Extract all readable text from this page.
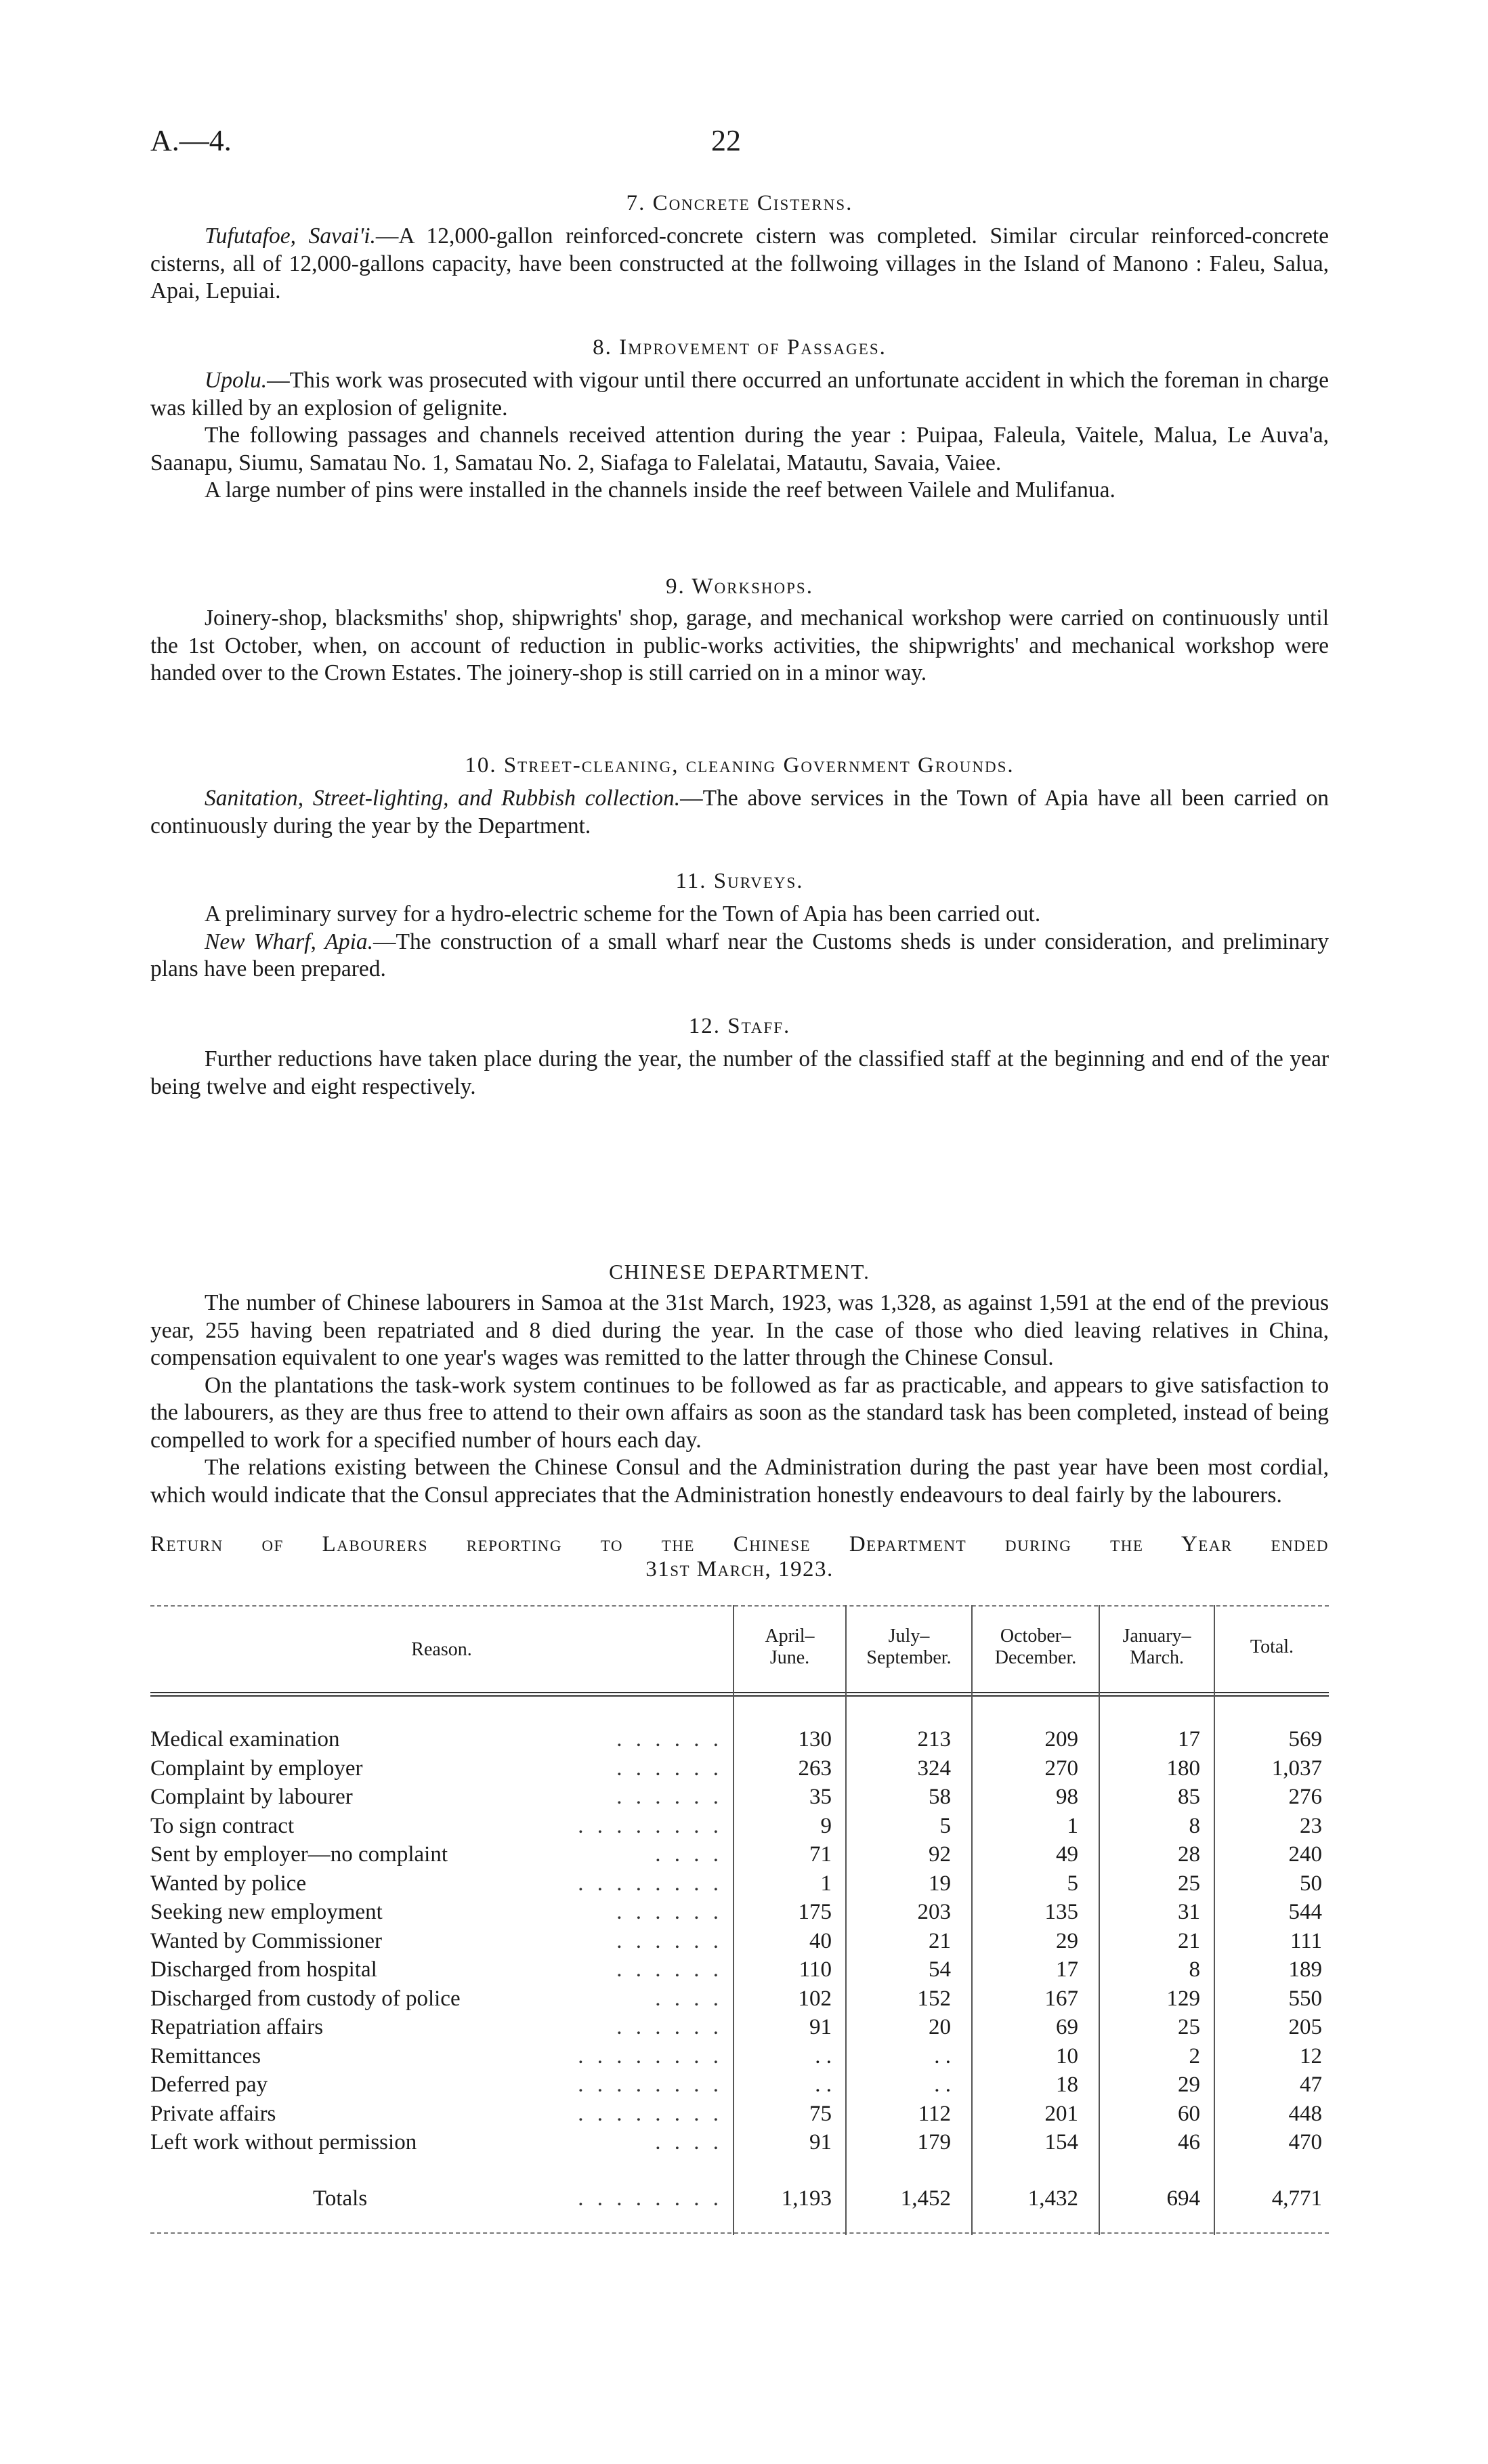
A.—4.	22

7. Concrete Cisterns.

Tufutafoe, Savai'i.—A 12,000-gallon reinforced-concrete cistern was completed. Similar circular reinforced-concrete cisterns, all of 12,000-gallons capacity, have been constructed at the follwoing villages in the Island of Manono : Faleu, Salua, Apai, Lepuiai.

8. Improvement of Passages.

Upolu.—This work was prosecuted with vigour until there occurred an unfortunate accident in which the foreman in charge was killed by an explosion of gelignite.

The following passages and channels received attention during the year : Puipaa, Faleula, Vaitele, Malua, Le Auva'a, Saanapu, Siumu, Samatau No. 1, Samatau No. 2, Siafaga to Falelatai, Matautu, Savaia, Vaiee.

A large number of pins were installed in the channels inside the reef between Vailele and Mulifanua.

9. Workshops.

Joinery-shop, blacksmiths' shop, shipwrights' shop, garage, and mechanical workshop were carried on continuously until the 1st October, when, on account of reduction in public-works activities, the shipwrights' and mechanical workshop were handed over to the Crown Estates. The joinery-shop is still carried on in a minor way.

10. Street-cleaning, cleaning Government Grounds.

Sanitation, Street-lighting, and Rubbish collection.—The above services in the Town of Apia have all been carried on continuously during the year by the Department.

11. Surveys.

A preliminary survey for a hydro-electric scheme for the Town of Apia has been carried out.

New Wharf, Apia.—The construction of a small wharf near the Customs sheds is under consideration, and preliminary plans have been prepared.

12. Staff.

Further reductions have taken place during the year, the number of the classified staff at the beginning and end of the year being twelve and eight respectively.

CHINESE DEPARTMENT.

The number of Chinese labourers in Samoa at the 31st March, 1923, was 1,328, as against 1,591 at the end of the previous year, 255 having been repatriated and 8 died during the year. In the case of those who died leaving relatives in China, compensation equivalent to one year's wages was remitted to the latter through the Chinese Consul.

On the plantations the task-work system continues to be followed as far as practicable, and appears to give satisfaction to the labourers, as they are thus free to attend to their own affairs as soon as the standard task has been completed, instead of being compelled to work for a specified number of hours each day.

The relations existing between the Chinese Consul and the Administration during the past year have been most cordial, which would indicate that the Consul appreciates that the Administration honestly endeavours to deal fairly by the labourers.

Return of Labourers reporting to the Chinese Department during the Year ended

31st March, 1923.

Reason.
April–
June.
July–
September.
October–
December.
January–
March.
Total.
Medical examination	. . . . . .	130	213	209	17	569
Complaint by employer	. . . . . .	263	324	270	180	1,037
Complaint by labourer	. . . . . .	35	58	98	85	276
To sign contract	. . . . . . . .	9	5	1	8	23
Sent by employer—no complaint	. . . .	71	92	49	28	240
Wanted by police	. . . . . . . .	1	19	5	25	50
Seeking new employment	. . . . . .	175	203	135	31	544
Wanted by Commissioner	. . . . . .	40	21	29	21	111
Discharged from hospital	. . . . . .	110	54	17	8	189
Discharged from custody of police	. . . .	102	152	167	129	550
Repatriation affairs	. . . . . .	91	20	69	25	205
Remittances	. . . . . . . .	. .	. .	10	2	12
Deferred pay	. . . . . . . .	. .	. .	18	29	47
Private affairs	. . . . . . . .	75	112	201	60	448
Left work without permission	. . . .	91	179	154	46	470
Totals	. . . . . . . .	1,193	1,452	1,432	694	4,771
